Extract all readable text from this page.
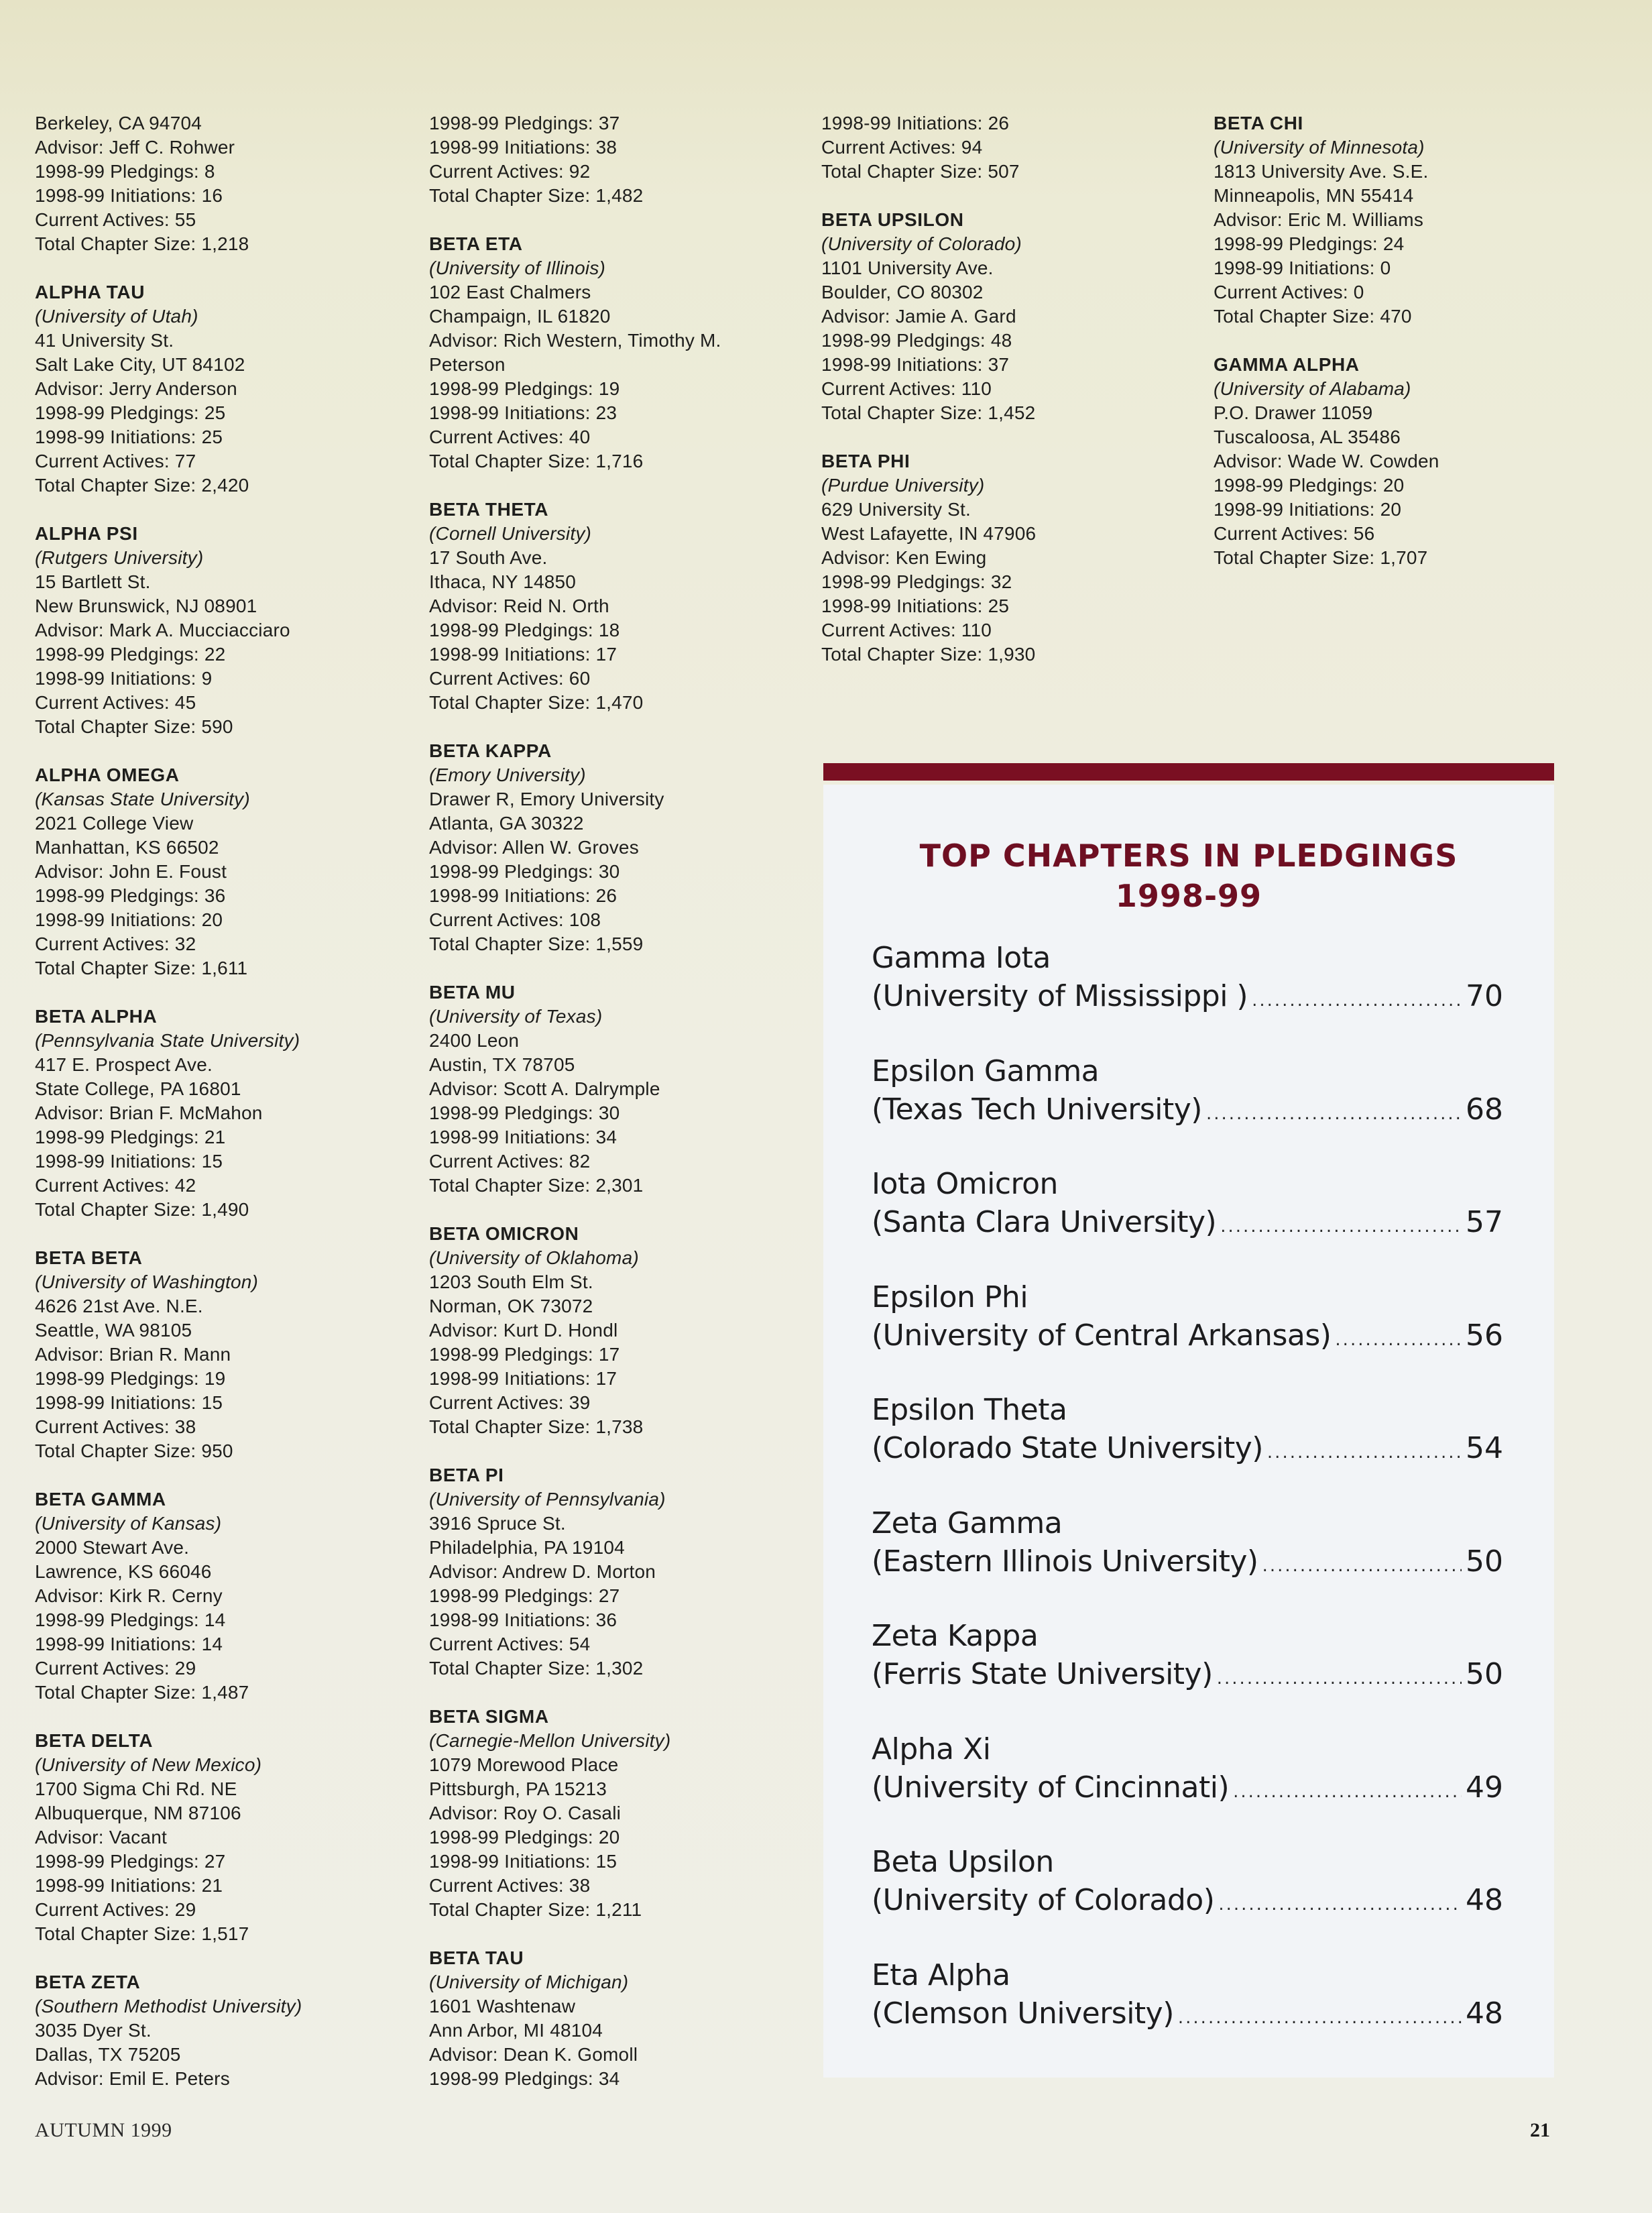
Berkeley, CA 94704
Advisor: Jeff C. Rohwer
1998-99 Pledgings: 8
1998-99 Initiations: 16
Current Actives: 55
Total Chapter Size: 1,218
ALPHA TAU
(University of Utah)
41 University St.
Salt Lake City, UT 84102
Advisor: Jerry Anderson
1998-99 Pledgings: 25
1998-99 Initiations: 25
Current Actives: 77
Total Chapter Size: 2,420
ALPHA PSI
(Rutgers University)
15 Bartlett St.
New Brunswick, NJ 08901
Advisor: Mark A. Mucciacciaro
1998-99 Pledgings: 22
1998-99 Initiations: 9
Current Actives: 45
Total Chapter Size: 590
ALPHA OMEGA
(Kansas State University)
2021 College View
Manhattan, KS 66502
Advisor: John E. Foust
1998-99 Pledgings: 36
1998-99 Initiations: 20
Current Actives: 32
Total Chapter Size: 1,611
BETA ALPHA
(Pennsylvania State University)
417 E. Prospect Ave.
State College, PA 16801
Advisor: Brian F. McMahon
1998-99 Pledgings: 21
1998-99 Initiations: 15
Current Actives: 42
Total Chapter Size: 1,490
BETA BETA
(University of Washington)
4626 21st Ave. N.E.
Seattle, WA 98105
Advisor: Brian R. Mann
1998-99 Pledgings: 19
1998-99 Initiations: 15
Current Actives: 38
Total Chapter Size: 950
BETA GAMMA
(University of Kansas)
2000 Stewart Ave.
Lawrence, KS 66046
Advisor: Kirk R. Cerny
1998-99 Pledgings: 14
1998-99 Initiations: 14
Current Actives: 29
Total Chapter Size: 1,487
BETA DELTA
(University of New Mexico)
1700 Sigma Chi Rd. NE
Albuquerque, NM 87106
Advisor: Vacant
1998-99 Pledgings: 27
1998-99 Initiations: 21
Current Actives: 29
Total Chapter Size: 1,517
BETA ZETA
(Southern Methodist University)
3035 Dyer St.
Dallas, TX 75205
Advisor: Emil E. Peters
1998-99 Pledgings: 37
1998-99 Initiations: 38
Current Actives: 92
Total Chapter Size: 1,482
BETA ETA
(University of Illinois)
102 East Chalmers
Champaign, IL 61820
Advisor: Rich Western, Timothy M.
Peterson
1998-99 Pledgings: 19
1998-99 Initiations: 23
Current Actives: 40
Total Chapter Size: 1,716
BETA THETA
(Cornell University)
17 South Ave.
Ithaca, NY 14850
Advisor: Reid N. Orth
1998-99 Pledgings: 18
1998-99 Initiations: 17
Current Actives: 60
Total Chapter Size: 1,470
BETA KAPPA
(Emory University)
Drawer R, Emory University
Atlanta, GA 30322
Advisor: Allen W. Groves
1998-99 Pledgings: 30
1998-99 Initiations: 26
Current Actives: 108
Total Chapter Size: 1,559
BETA MU
(University of Texas)
2400 Leon
Austin, TX 78705
Advisor: Scott A. Dalrymple
1998-99 Pledgings: 30
1998-99 Initiations: 34
Current Actives: 82
Total Chapter Size: 2,301
BETA OMICRON
(University of Oklahoma)
1203 South Elm St.
Norman, OK 73072
Advisor: Kurt D. Hondl
1998-99 Pledgings: 17
1998-99 Initiations: 17
Current Actives: 39
Total Chapter Size: 1,738
BETA PI
(University of Pennsylvania)
3916 Spruce St.
Philadelphia, PA 19104
Advisor: Andrew D. Morton
1998-99 Pledgings: 27
1998-99 Initiations: 36
Current Actives: 54
Total Chapter Size: 1,302
BETA SIGMA
(Carnegie-Mellon University)
1079 Morewood Place
Pittsburgh, PA 15213
Advisor: Roy O. Casali
1998-99 Pledgings: 20
1998-99 Initiations: 15
Current Actives: 38
Total Chapter Size: 1,211
BETA TAU
(University of Michigan)
1601 Washtenaw
Ann Arbor, MI 48104
Advisor: Dean K. Gomoll
1998-99 Pledgings: 34
1998-99 Initiations: 26
Current Actives: 94
Total Chapter Size: 507
BETA UPSILON
(University of Colorado)
1101 University Ave.
Boulder, CO 80302
Advisor: Jamie A. Gard
1998-99 Pledgings: 48
1998-99 Initiations: 37
Current Actives: 110
Total Chapter Size: 1,452
BETA PHI
(Purdue University)
629 University St.
West Lafayette, IN 47906
Advisor: Ken Ewing
1998-99 Pledgings: 32
1998-99 Initiations: 25
Current Actives: 110
Total Chapter Size: 1,930
BETA CHI
(University of Minnesota)
1813 University Ave. S.E.
Minneapolis, MN 55414
Advisor: Eric M. Williams
1998-99 Pledgings: 24
1998-99 Initiations: 0
Current Actives: 0
Total Chapter Size: 470
GAMMA ALPHA
(University of Alabama)
P.O. Drawer 11059
Tuscaloosa, AL 35486
Advisor: Wade W. Cowden
1998-99 Pledgings: 20
1998-99 Initiations: 20
Current Actives: 56
Total Chapter Size: 1,707
TOP CHAPTERS IN PLEDGINGS
1998-99
Gamma Iota
(University of Mississippi ) .....	70
Epsilon Gamma
(Texas Tech University) .....	68
Iota Omicron
(Santa Clara University) .....	57
Epsilon Phi
(University of Central Arkansas) .....	56
Epsilon Theta
(Colorado State University) .....	54
Zeta Gamma
(Eastern Illinois University) .....	50
Zeta Kappa
(Ferris State University) .....	50
Alpha Xi
(University of Cincinnati) .....	49
Beta Upsilon
(University of Colorado) .....	48
Eta Alpha
(Clemson University) .....	48
AUTUMN 1999	21
